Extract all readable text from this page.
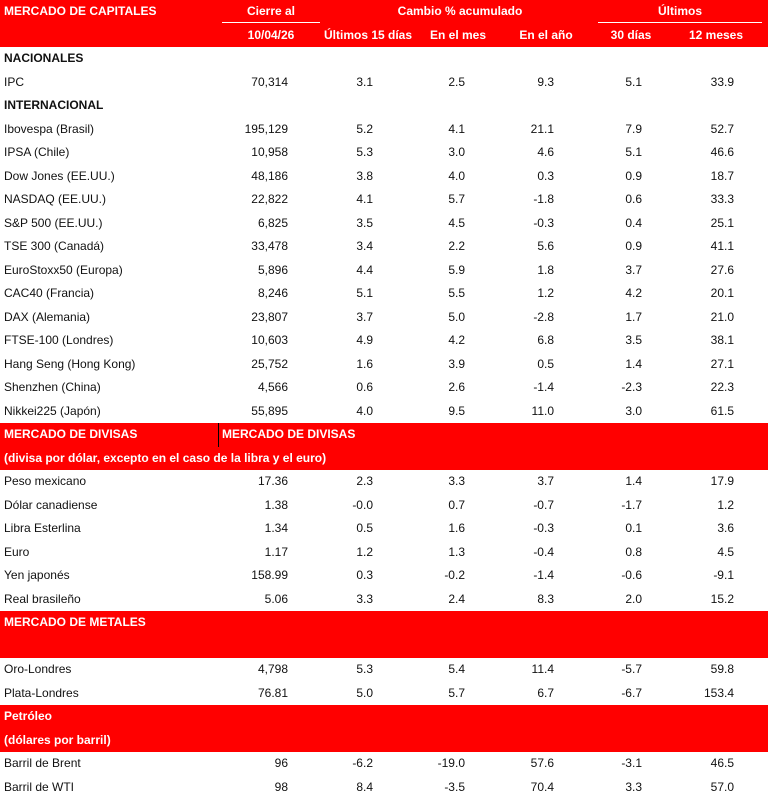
MERCADO DE CAPITALES	Cierre al	Cambio % acumulado	Últimos
10/04/26	Últimos 15 días	En el mes	En el año	30 días	12 meses
NACIONALES
IPC	70,314	3.1	2.5	9.3	5.1	33.9
INTERNACIONAL
Ibovespa (Brasil)	195,129	5.2	4.1	21.1	7.9	52.7
IPSA (Chile)	10,958	5.3	3.0	4.6	5.1	46.6
Dow Jones (EE.UU.)	48,186	3.8	4.0	0.3	0.9	18.7
NASDAQ (EE.UU.)	22,822	4.1	5.7	-1.8	0.6	33.3
S&P 500 (EE.UU.)	6,825	3.5	4.5	-0.3	0.4	25.1
TSE 300 (Canadá)	33,478	3.4	2.2	5.6	0.9	41.1
EuroStoxx50 (Europa)	5,896	4.4	5.9	1.8	3.7	27.6
CAC40 (Francia)	8,246	5.1	5.5	1.2	4.2	20.1
DAX (Alemania)	23,807	3.7	5.0	-2.8	1.7	21.0
FTSE-100 (Londres)	10,603	4.9	4.2	6.8	3.5	38.1
Hang Seng (Hong Kong)	25,752	1.6	3.9	0.5	1.4	27.1
Shenzhen (China)	4,566	0.6	2.6	-1.4	-2.3	22.3
Nikkei225 (Japón)	55,895	4.0	9.5	11.0	3.0	61.5
MERCADO DE DIVISAS	MERCADO DE DIVISAS
(divisa por dólar, excepto en el caso de la libra y el euro)
Peso mexicano	17.36	2.3	3.3	3.7	1.4	17.9
Dólar canadiense	1.38	-0.0	0.7	-0.7	-1.7	1.2
Libra Esterlina	1.34	0.5	1.6	-0.3	0.1	3.6
Euro	1.17	1.2	1.3	-0.4	0.8	4.5
Yen japonés	158.99	0.3	-0.2	-1.4	-0.6	-9.1
Real brasileño	5.06	3.3	2.4	8.3	2.0	15.2
MERCADO DE METALES
Oro-Londres	4,798	5.3	5.4	11.4	-5.7	59.8
Plata-Londres	76.81	5.0	5.7	6.7	-6.7	153.4
Petróleo
(dólares por barril)
Barril de Brent	96	-6.2	-19.0	57.6	-3.1	46.5
Barril de WTI	98	8.4	-3.5	70.4	3.3	57.0
